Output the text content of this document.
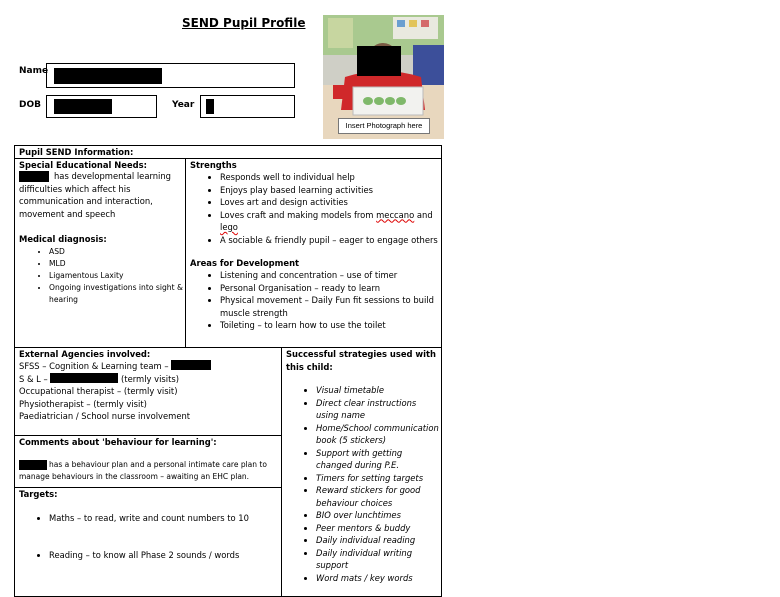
SEND Pupil Profile
Name
DOB	Year
Insert Photograph here
Pupil SEND Information:
Special Educational Needs:
has developmental learning difficulties which affect his communication and interaction, movement and speech
Medical diagnosis:
• ASD
• MLD
• Ligamentous Laxity
• Ongoing investigations into sight &
hearing
Strengths
• Responds well to individual help
• Enjoys play based learning activities
• Loves art and design activities
• Loves craft and making models from meccano and
lego
• A sociable & friendly pupil – eager to engage others
Areas for Development
• Listening and concentration – use of timer
• Personal Organisation – ready to learn
• Physical movement – Daily Fun fit sessions to build
muscle strength
• Toileting – to learn how to use the toilet
External Agencies involved:
SFSS – Cognition & Learning team –
S & L –	(termly visits)
Occupational therapist – (termly visit)
Physiotherapist – (termly visit)
Paediatrician / School nurse involvement
Comments about 'behaviour for learning':
has a behaviour plan and a personal intimate care plan to
manage behaviours in the classroom – awaiting an EHC plan.
Targets:
• Maths – to read, write and count numbers to 10
• Reading – to know all Phase 2 sounds / words
Successful strategies used with
this child:
• Visual timetable
• Direct clear instructions
using name
• Home/School communication
book (5 stickers)
• Support with getting
changed during P.E.
• Timers for setting targets
• Reward stickers for good
behaviour choices
• BIO over lunchtimes
• Peer mentors & buddy
• Daily individual reading
• Daily individual writing
support
• Word mats / key words
